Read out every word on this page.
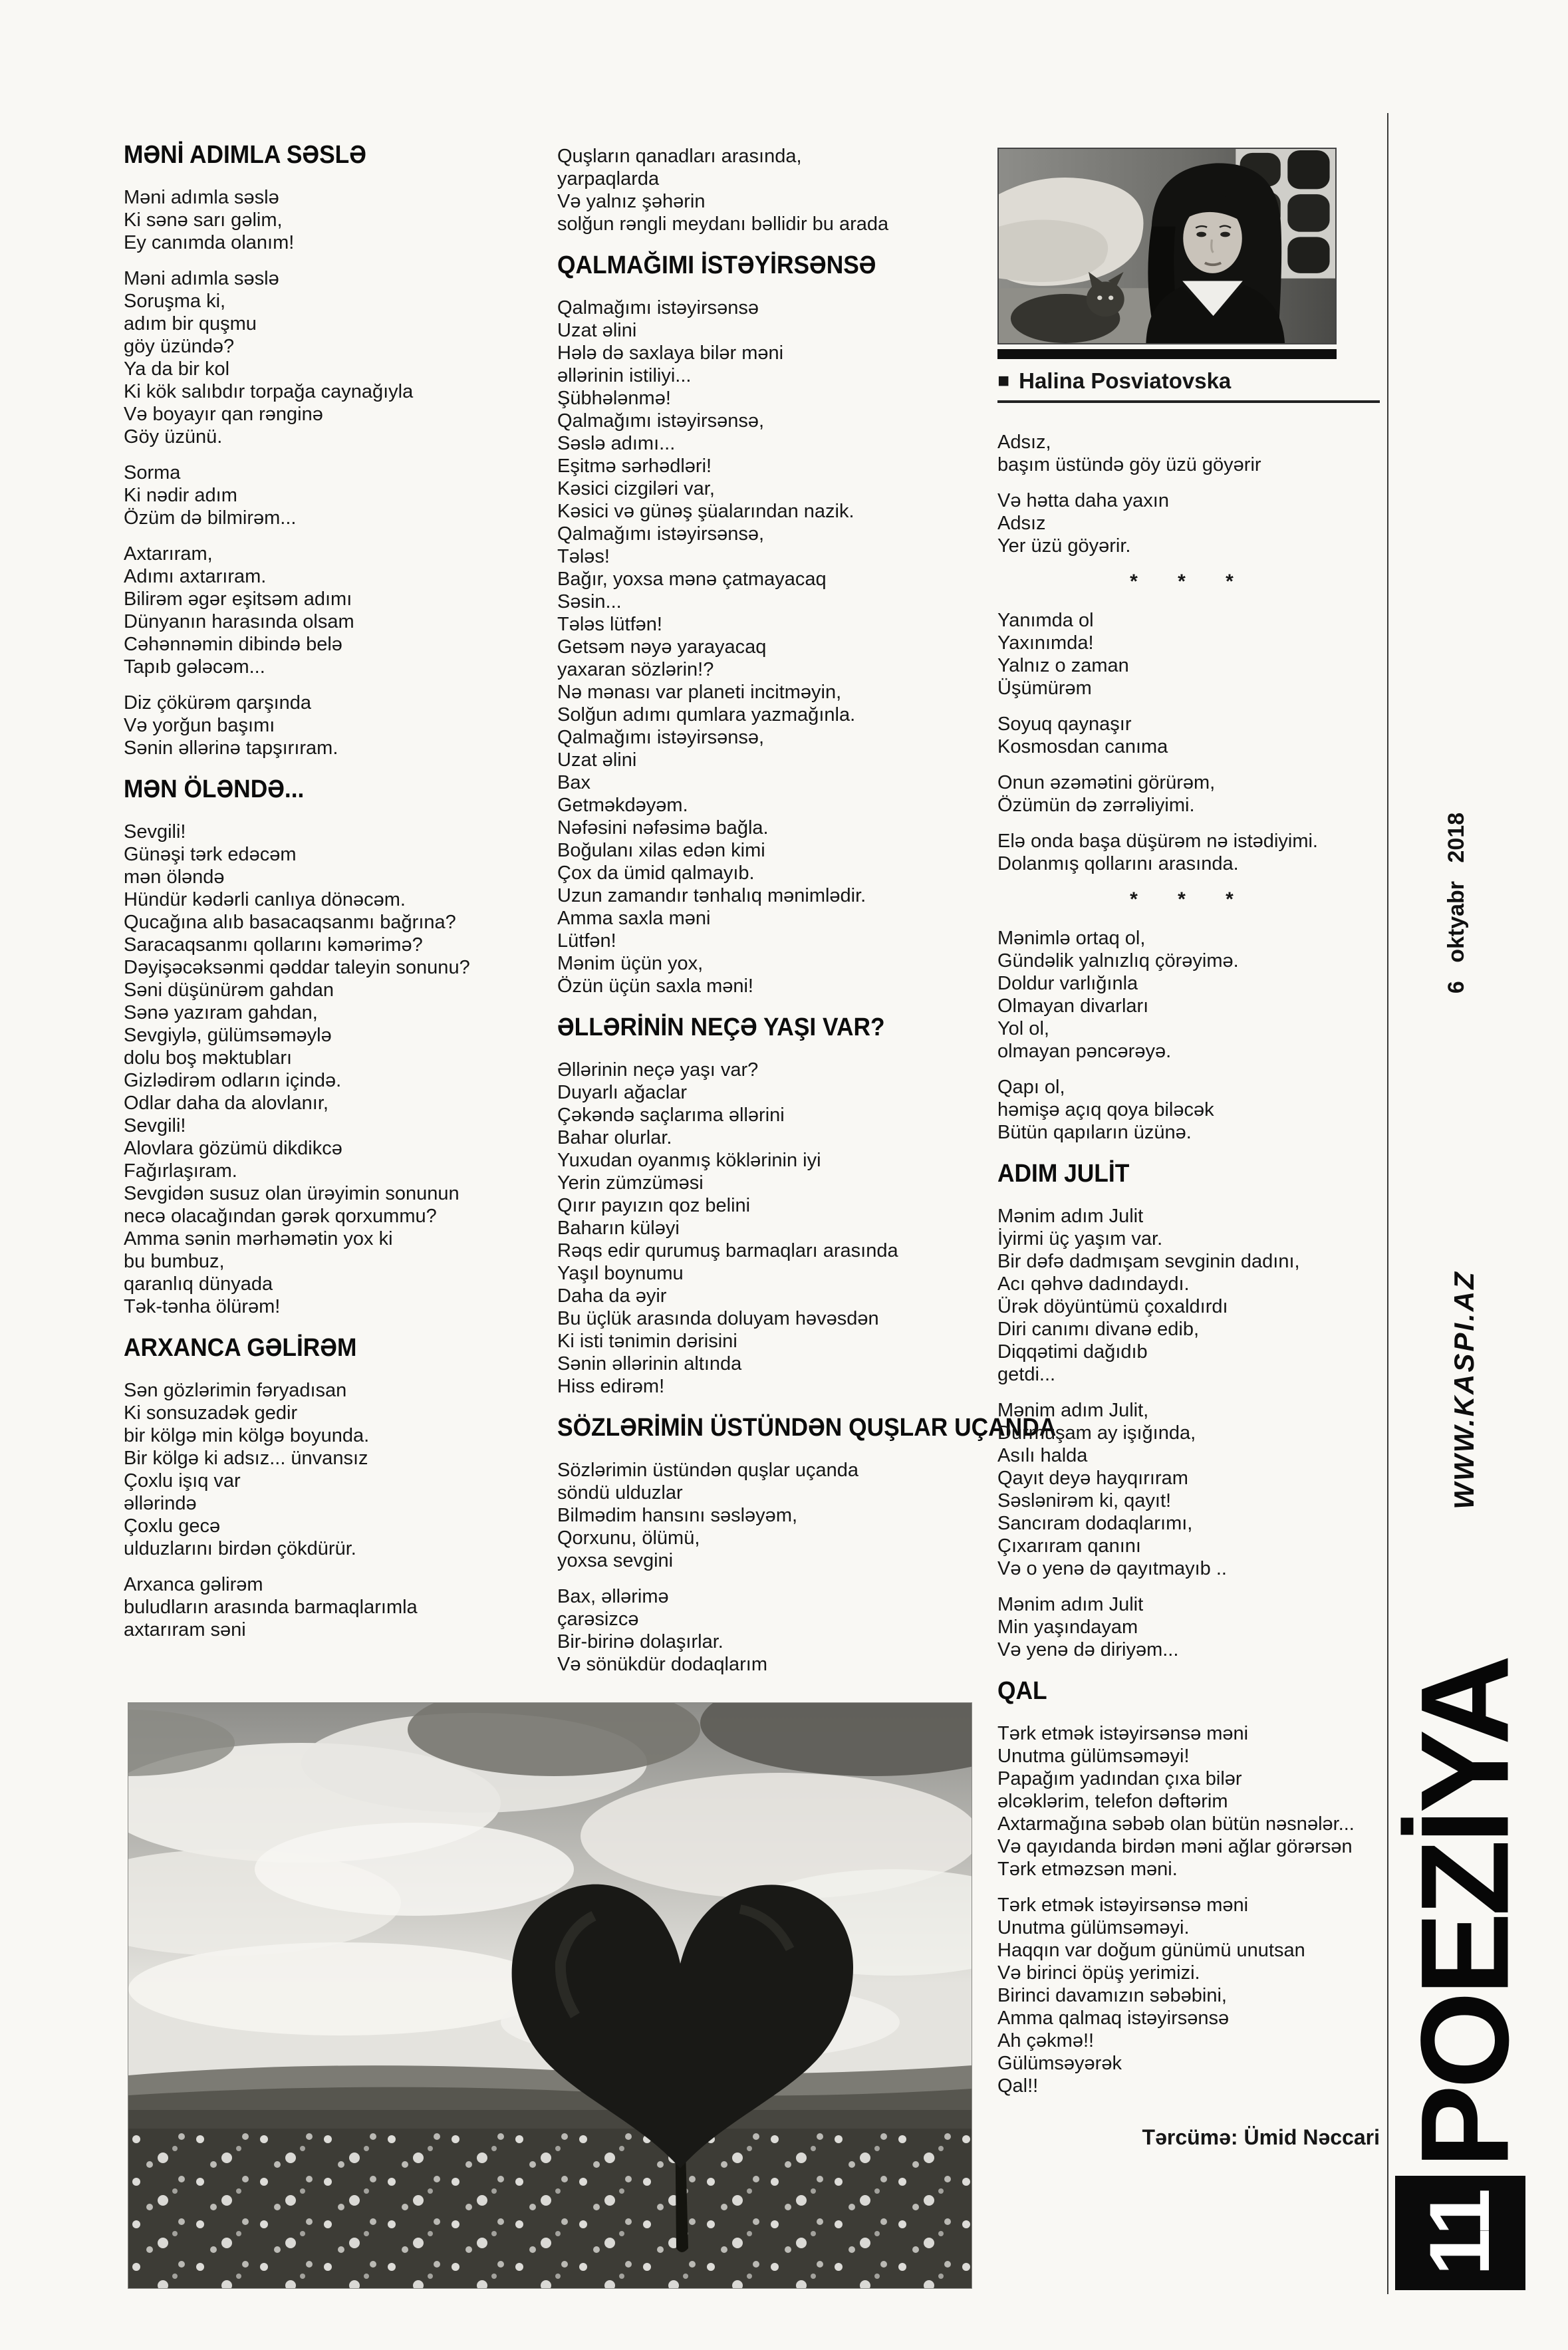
MƏNİ ADIMLA SƏSLƏ
Məni adımla səslə
Ki sənə sarı gəlim,
Ey canımda olanım!
Məni adımla səslə
Soruşma ki,
adım bir quşmu
göy üzündə?
Ya da bir kol
Ki kök salıbdır torpağa caynağıyla
Və boyayır qan rənginə
Göy üzünü.
Sorma
Ki nədir adım
Özüm də bilmirəm...
Axtarıram,
Adımı axtarıram.
Bilirəm əgər eşitsəm adımı
Dünyanın harasında olsam
Cəhənnəmin dibində belə
Tapıb gələcəm...
Diz çökürəm qarşında
Və yorğun başımı
Sənin əllərinə tapşırıram.
MƏN ÖLƏNDƏ...
Sevgili!
Günəşi tərk edəcəm
mən öləndə
Hündür kədərli canlıya dönəcəm.
Qucağına alıb basacaqsanmı bağrına?
Saracaqsanmı qollarını kəmərimə?
Dəyişəcəksənmi qəddar taleyin sonunu?
Səni düşünürəm gahdan
Sənə yazıram gahdan,
Sevgiylə, gülümsəməylə
dolu boş məktubları
Gizlədirəm odların içində.
Odlar daha da alovlanır,
Sevgili!
Alovlara gözümü dikdikcə
Fağırlaşıram.
Sevgidən susuz olan ürəyimin sonunun
necə olacağından gərək qorxummu?
Amma sənin mərhəmətin yox ki
bu bumbuz,
qaranlıq dünyada
Tək-tənha ölürəm!
ARXANCA GƏLİRƏM
Sən gözlərimin fəryadısan
Ki sonsuzadək gedir
bir kölgə min kölgə boyunda.
Bir kölgə ki adsız... ünvansız
Çoxlu işıq var
əllərində
Çoxlu gecə
ulduzlarını birdən çökdürür.
Arxanca gəlirəm
buludların arasında barmaqlarımla
axtarıram səni
Quşların qanadları arasında,
yarpaqlarda
Və yalnız şəhərin
solğun rəngli meydanı bəllidir bu arada
QALMAĞIMI İSTƏYİRSƏNSƏ
Qalmağımı istəyirsənsə
Uzat əlini
Hələ də saxlaya bilər məni
əllərinin istiliyi...
Şübhələnmə!
Qalmağımı istəyirsənsə,
Səslə adımı...
Eşitmə sərhədləri!
Kəsici cizgiləri var,
Kəsici və günəş şüalarından nazik.
Qalmağımı istəyirsənsə,
Tələs!
Bağır, yoxsa mənə çatmayacaq
Səsin...
Tələs lütfən!
Getsəm nəyə yarayacaq
yaxaran sözlərin!?
Nə mənası var planeti incitməyin,
Solğun adımı qumlara yazmağınla.
Qalmağımı istəyirsənsə,
Uzat əlini
Bax
Getməkdəyəm.
Nəfəsini nəfəsimə bağla.
Boğulanı xilas edən kimi
Çox da ümid qalmayıb.
Uzun zamandır tənhalıq mənimlədir.
Amma saxla məni
Lütfən!
Mənim üçün yox,
Özün üçün saxla məni!
ƏLLƏRİNİN NEÇƏ YAŞI VAR?
Əllərinin neçə yaşı var?
Duyarlı ağaclar
Çəkəndə saçlarıma əllərini
Bahar olurlar.
Yuxudan oyanmış köklərinin iyi
Yerin zümzüməsi
Qırır payızın qoz belini
Baharın küləyi
Rəqs edir qurumuş barmaqları arasında
Yaşıl boynumu
Daha da əyir
Bu üçlük arasında doluyam həvəsdən
Ki isti tənimin dərisini
Sənin əllərinin altında
Hiss edirəm!
SÖZLƏRİMİN ÜSTÜNDƏN QUŞLAR UÇANDA
Sözlərimin üstündən quşlar uçanda
söndü ulduzlar
Bilmədim hansını səsləyəm,
Qorxunu, ölümü,
yoxsa sevgini
Bax, əllərimə
çarəsizcə
Bir-birinə dolaşırlar.
Və sönükdür dodaqlarım
■ Halina Posviatovska
Adsız,
başım üstündə göy üzü göyərir
Və hətta daha yaxın
Adsız
Yer üzü göyərir.
* * *
Yanımda ol
Yaxınımda!
Yalnız o zaman
Üşümürəm
Soyuq qaynaşır
Kosmosdan canıma
Onun əzəmətini görürəm,
Özümün də zərrəliyimi.
Elə onda başa düşürəm nə istədiyimi.
Dolanmış qollarını arasında.
* * *
Mənimlə ortaq ol,
Gündəlik yalnızlıq çörəyimə.
Doldur varlığınla
Olmayan divarları
Yol ol,
olmayan pəncərəyə.
Qapı ol,
həmişə açıq qoya biləcək
Bütün qapıların üzünə.
ADIM JULİT
Mənim adım Julit
İyirmi üç yaşım var.
Bir dəfə dadmışam sevginin dadını,
Acı qəhvə dadındaydı.
Ürək döyüntümü çoxaldırdı
Diri canımı divanə edib,
Diqqətimi dağıdıb
getdi...
Mənim adım Julit,
Durmuşam ay işığında,
Asılı halda
Qayıt deyə hayqırıram
Səslənirəm ki, qayıt!
Sancıram dodaqlarımı,
Çıxarıram qanını
Və o yenə də qayıtmayıb ..
Mənim adım Julit
Min yaşındayam
Və yenə də diriyəm...
QAL
Tərk etmək istəyirsənsə məni
Unutma gülümsəməyi!
Papağım yadından çıxa bilər
əlcəklərim, telefon dəftərim
Axtarmağına səbəb olan bütün nəsnələr...
Və qayıdanda birdən məni ağlar görərsən
Tərk etməzsən məni.
Tərk etmək istəyirsənsə məni
Unutma gülümsəməyi.
Haqqın var doğum günümü unutsan
Və birinci öpüş yerimizi.
Birinci davamızın səbəbini,
Amma qalmaq istəyirsənsə
Ah çəkmə!!
Gülümsəyərək
Qal!!
Tərcümə: Ümid Nəccari
6 oktyabr 2018
WWW.KASPI.AZ
POEZİYA
11
